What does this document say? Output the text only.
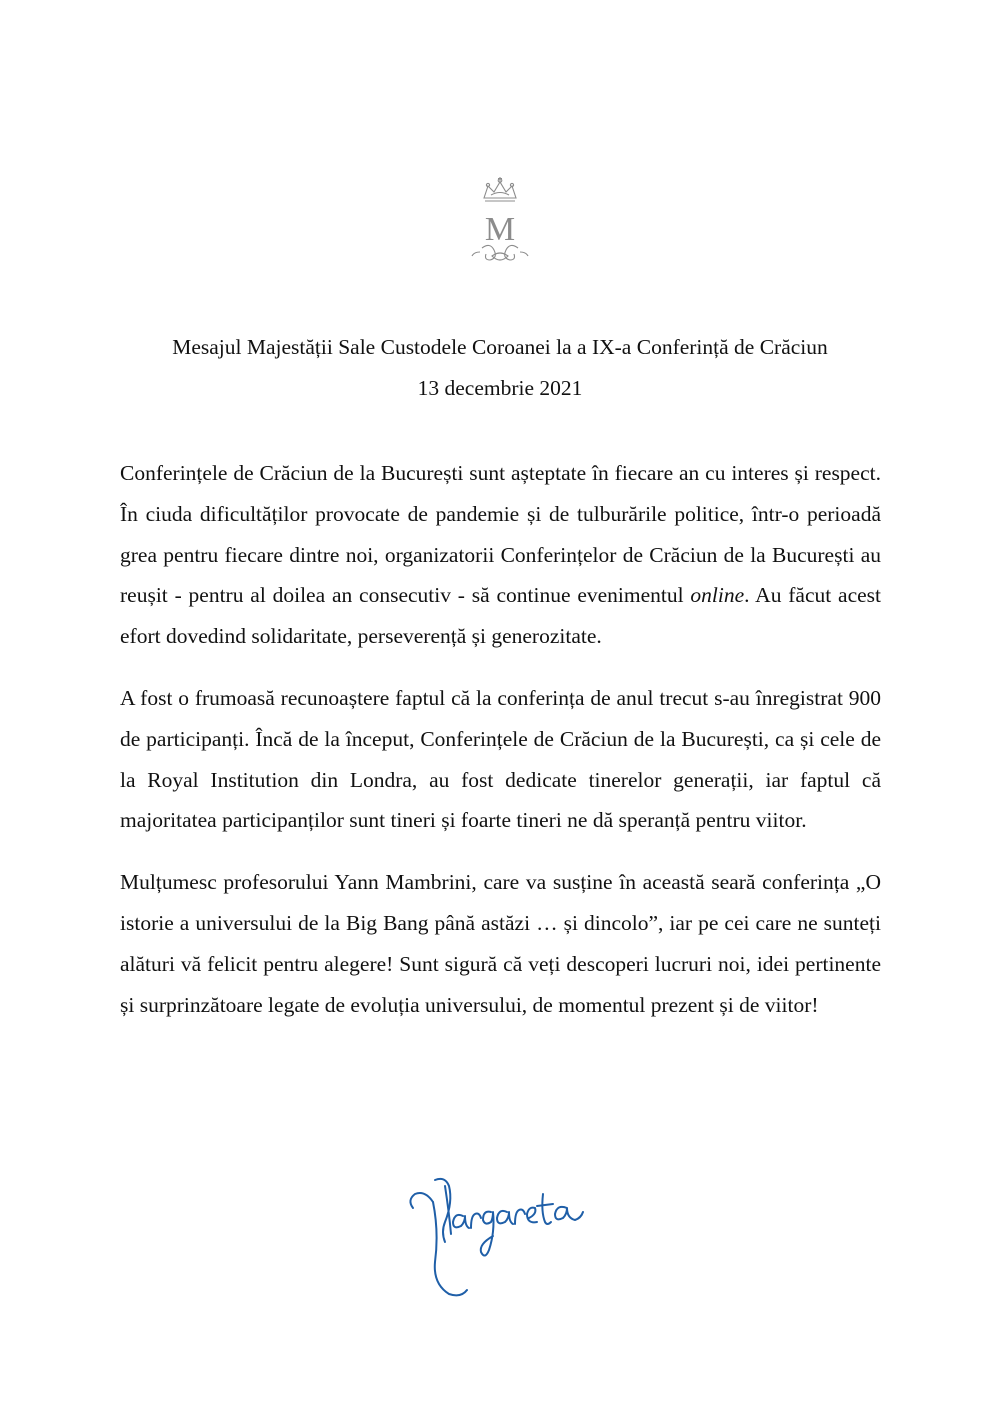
M
Mesajul Majestății Sale Custodele Coroanei la a IX-a Conferință de Crăciun
13 decembrie 2021

Conferințele de Crăciun de la București sunt așteptate în fiecare an cu interes și respect. În ciuda dificultăților provocate de pandemie și de tulburările politice, într-o perioadă grea pentru fiecare dintre noi, organizatorii Conferințelor de Crăciun de la București au reușit - pentru al doilea an consecutiv - să continue evenimentul online. Au făcut acest efort dovedind solidaritate, perseverență și generozitate.

A fost o frumoasă recunoaștere faptul că la conferința de anul trecut s-au înregistrat 900 de participanți. Încă de la început, Conferințele de Crăciun de la București, ca și cele de la Royal Institution din Londra, au fost dedicate tinerelor generații, iar faptul că majoritatea participanților sunt tineri și foarte tineri ne dă speranță pentru viitor.

Mulțumesc profesorului Yann Mambrini, care va susține în această seară conferința „O istorie a universului de la Big Bang până astăzi … și dincolo”, iar pe cei care ne sunteți alături vă felicit pentru alegere! Sunt sigură că veți descoperi lucruri noi, idei pertinente și surprinzătoare legate de evoluția universului, de momentul prezent și de viitor!
